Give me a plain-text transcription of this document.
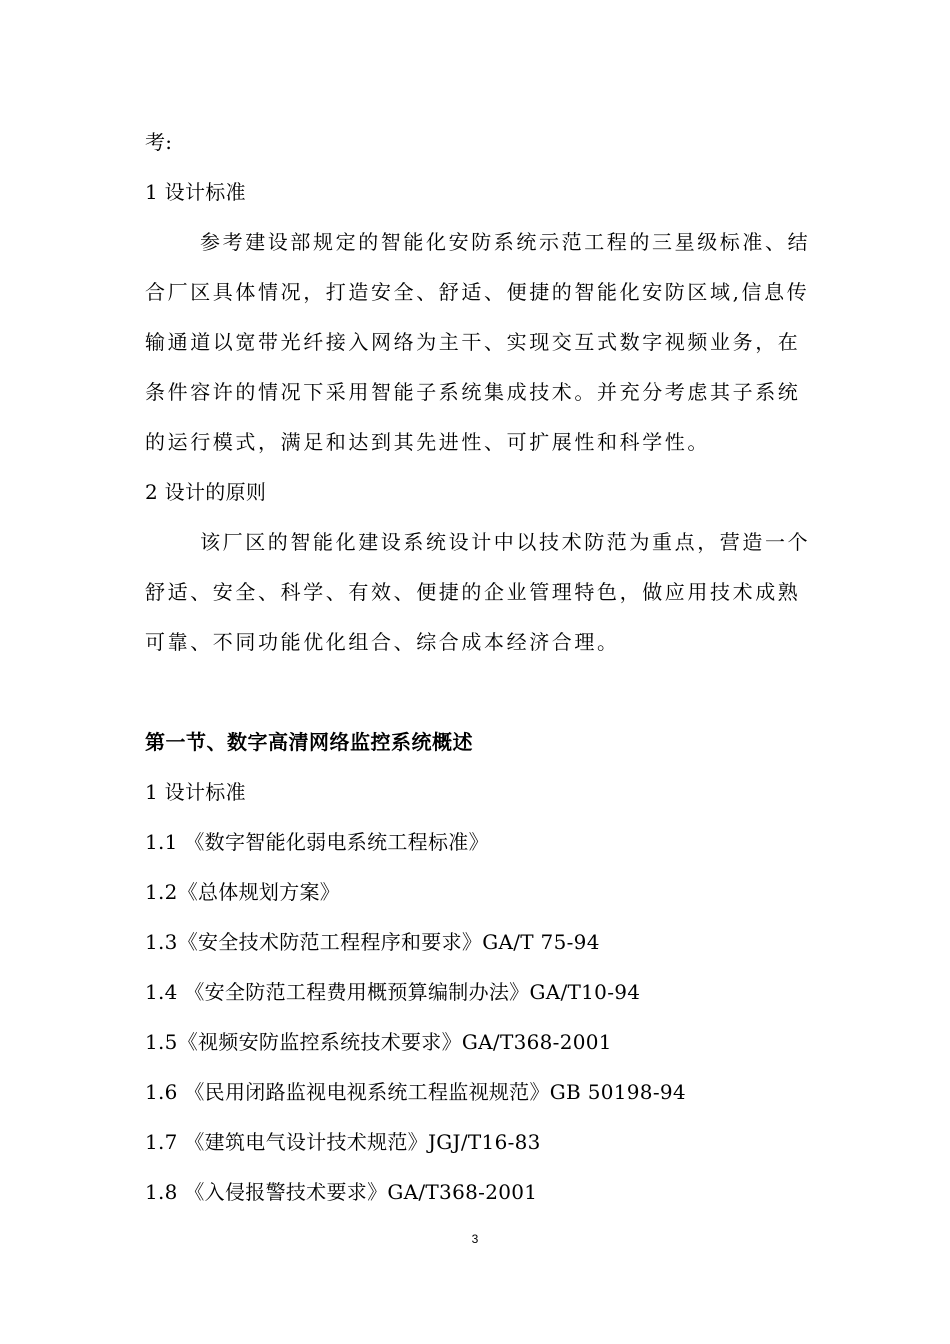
考:
1 设计标准
参考建设部规定的智能化安防系统示范工程的三星级标准、结
合厂区具体情况，打造安全、舒适、便捷的智能化安防区域,信息传
输通道以宽带光纤接入网络为主干、实现交互式数字视频业务，在
条件容许的情况下采用智能子系统集成技术。并充分考虑其子系统
的运行模式，满足和达到其先进性、可扩展性和科学性。
2 设计的原则
该厂区的智能化建设系统设计中以技术防范为重点，营造一个
舒适、安全、科学、有效、便捷的企业管理特色，做应用技术成熟
可靠、不同功能优化组合、综合成本经济合理。
第一节、数字高清网络监控系统概述
1 设计标准
1.1 《数字智能化弱电系统工程标准》
1.2《总体规划方案》
1.3《安全技术防范工程程序和要求》GA/T 75-94
1.4 《安全防范工程费用概预算编制办法》GA/T10-94
1.5《视频安防监控系统技术要求》GA/T368-2001
1.6 《民用闭路监视电视系统工程监视规范》GB 50198-94
1.7 《建筑电气设计技术规范》JGJ/T16-83
1.8 《入侵报警技术要求》GA/T368-2001
3
